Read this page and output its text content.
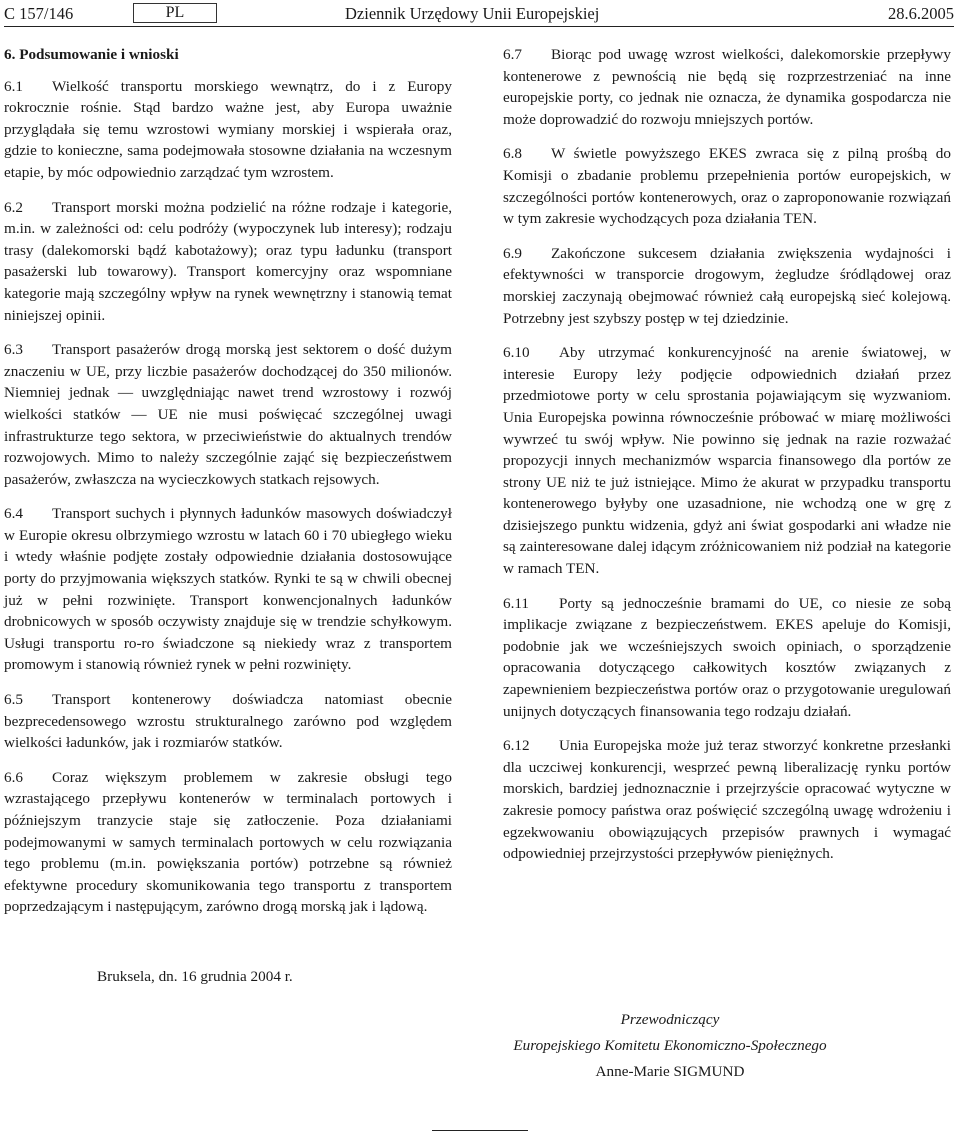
C 157/146	PL	Dziennik Urzędowy Unii Europejskiej	28.6.2005
6. Podsumowanie i wnioski

6.1 Wielkość transportu morskiego wewnątrz, do i z Europy rokrocznie rośnie. Stąd bardzo ważne jest, aby Europa uważnie przyglądała się temu wzrostowi wymiany morskiej i wspierała oraz, gdzie to konieczne, sama podejmowała stosowne działania na wczesnym etapie, by móc odpowiednio zarządzać tym wzrostem.

6.2 Transport morski można podzielić na różne rodzaje i kategorie, m.in. w zależności od: celu podróży (wypoczynek lub interesy); rodzaju trasy (dalekomorski bądź kabotażowy); oraz typu ładunku (transport pasażerski lub towarowy). Transport komercyjny oraz wspomniane kategorie mają szczególny wpływ na rynek wewnętrzny i stanowią temat niniejszej opinii.

6.3 Transport pasażerów drogą morską jest sektorem o dość dużym znaczeniu w UE, przy liczbie pasażerów dochodzącej do 350 milionów. Niemniej jednak — uwzględniając nawet trend wzrostowy i rozwój wielkości statków — UE nie musi poświęcać szczególnej uwagi infrastrukturze tego sektora, w przeciwieństwie do aktualnych trendów rozwojowych. Mimo to należy szczególnie zająć się bezpieczeństwem pasażerów, zwłaszcza na wycieczkowych statkach rejsowych.

6.4 Transport suchych i płynnych ładunków masowych doświadczył w Europie okresu olbrzymiego wzrostu w latach 60 i 70 ubiegłego wieku i wtedy właśnie podjęte zostały odpowiednie działania dostosowujące porty do przyjmowania większych statków. Rynki te są w chwili obecnej już w pełni rozwinięte. Transport konwencjonalnych ładunków drobnicowych w sposób oczywisty znajduje się w trendzie schyłkowym. Usługi transportu ro-ro świadczone są niekiedy wraz z transportem promowym i stanowią również rynek w pełni rozwinięty.

6.5 Transport kontenerowy doświadcza natomiast obecnie bezprecedensowego wzrostu strukturalnego zarówno pod względem wielkości ładunków, jak i rozmiarów statków.

6.6 Coraz większym problemem w zakresie obsługi tego wzrastającego przepływu kontenerów w terminalach portowych i późniejszym tranzycie staje się zatłoczenie. Poza działaniami podejmowanymi w samych terminalach portowych w celu rozwiązania tego problemu (m.in. powiększania portów) potrzebne są również efektywne procedury skomunikowania tego transportu z transportem poprzedzającym i następującym, zarówno drogą morską jak i lądową.

6.7 Biorąc pod uwagę wzrost wielkości, dalekomorskie przepływy kontenerowe z pewnością nie będą się rozprzestrzeniać na inne europejskie porty, co jednak nie oznacza, że dynamika gospodarcza nie może doprowadzić do rozwoju mniejszych portów.

6.8 W świetle powyższego EKES zwraca się z pilną prośbą do Komisji o zbadanie problemu przepełnienia portów europejskich, w szczególności portów kontenerowych, oraz o zaproponowanie rozwiązań w tym zakresie wychodzących poza działania TEN.

6.9 Zakończone sukcesem działania zwiększenia wydajności i efektywności w transporcie drogowym, żegludze śródlądowej oraz morskiej zaczynają obejmować również całą europejską sieć kolejową. Potrzebny jest szybszy postęp w tej dziedzinie.

6.10 Aby utrzymać konkurencyjność na arenie światowej, w interesie Europy leży podjęcie odpowiednich działań przez przedmiotowe porty w celu sprostania pojawiającym się wyzwaniom. Unia Europejska powinna równocześnie próbować w miarę możliwości wywrzeć tu swój wpływ. Nie powinno się jednak na razie rozważać propozycji innych mechanizmów wsparcia finansowego dla portów ze strony UE niż te już istniejące. Mimo że akurat w przypadku transportu kontenerowego byłyby one uzasadnione, nie wchodzą one w grę z dzisiejszego punktu widzenia, gdyż ani świat gospodarki ani władze nie są zainteresowane dalej idącym zróżnicowaniem niż podział na kategorie w ramach TEN.

6.11 Porty są jednocześnie bramami do UE, co niesie ze sobą implikacje związane z bezpieczeństwem. EKES apeluje do Komisji, podobnie jak we wcześniejszych swoich opiniach, o sporządzenie opracowania dotyczącego całkowitych kosztów związanych z zapewnieniem bezpieczeństwa portów oraz o przygotowanie uregulowań unijnych dotyczących finansowania tego rodzaju działań.

6.12 Unia Europejska może już teraz stworzyć konkretne przesłanki dla uczciwej konkurencji, wesprzeć pewną liberalizację rynku portów morskich, bardziej jednoznacznie i przejrzyście opracować wytyczne w zakresie pomocy państwa oraz poświęcić szczególną uwagę wdrożeniu i egzekwowaniu obowiązujących przepisów prawnych i wymagać odpowiedniej przejrzystości przepływów pieniężnych.

Bruksela, dn. 16 grudnia 2004 r.
Przewodniczący
Europejskiego Komitetu Ekonomiczno-Społecznego
Anne-Marie SIGMUND
